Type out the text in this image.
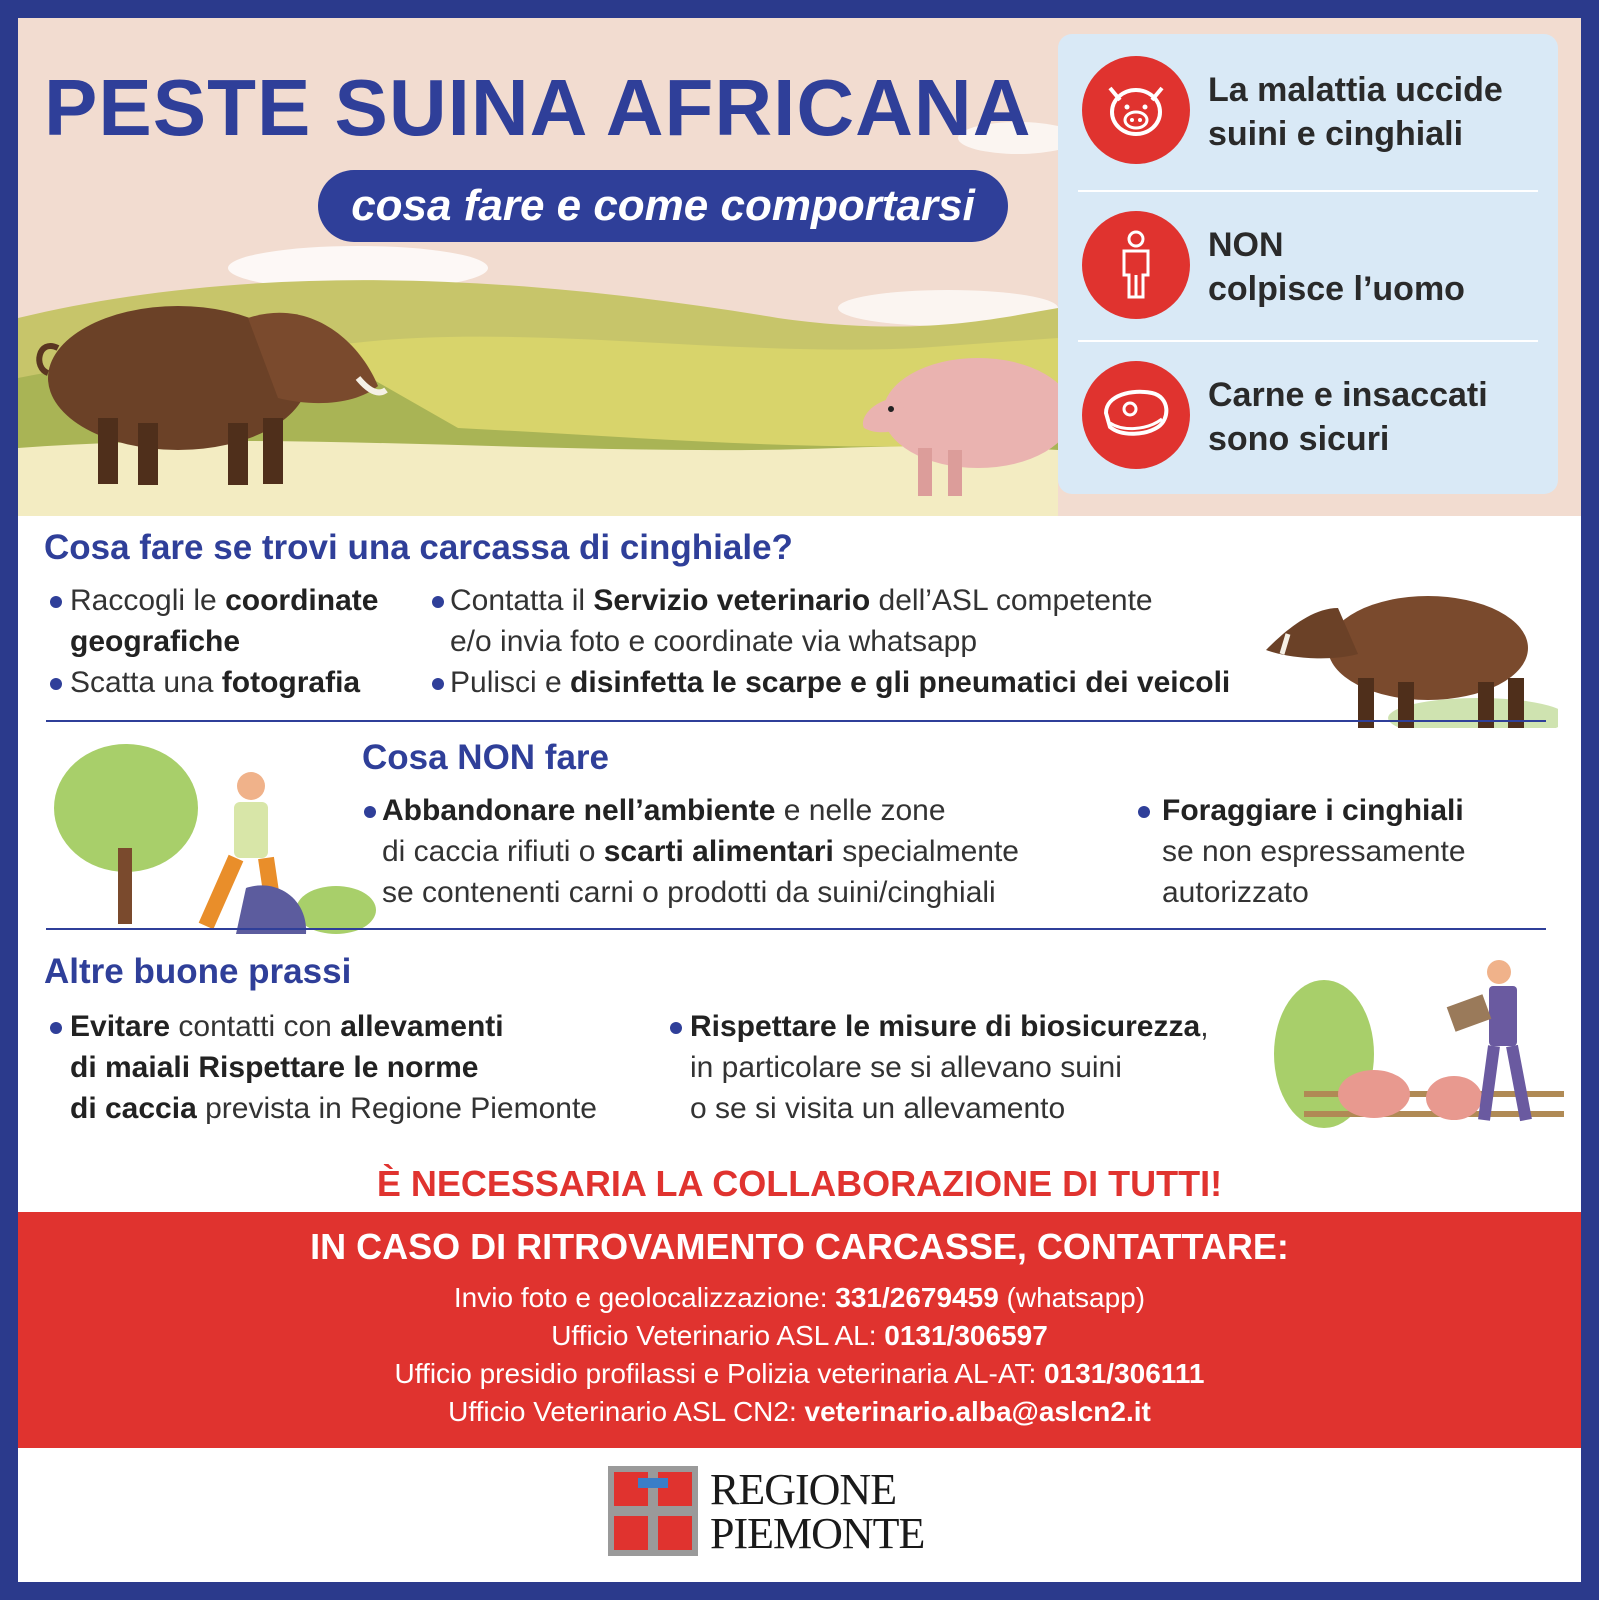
PESTE SUINA AFRICANA
cosa fare e come comportarsi
La malattia uccide
suini e cinghiali
NON
colpisce l’uomo
Carne e insaccati
sono sicuri
Cosa fare se trovi una carcassa di cinghiale?
Raccogli le coordinate
geografiche
Scatta una fotografia
Contatta il Servizio veterinario dell’ASL competente
e/o invia foto e coordinate via whatsapp
Pulisci e disinfetta le scarpe e gli pneumatici dei veicoli
Cosa NON fare
Abbandonare nell’ambiente e nelle zone
di caccia rifiuti o scarti alimentari specialmente
se contenenti carni o prodotti da suini/cinghiali
Foraggiare i cinghiali
se non espressamente
autorizzato
Altre buone prassi
Evitare contatti con allevamenti
di maiali Rispettare le norme
di caccia prevista in Regione Piemonte
Rispettare le misure di biosicurezza,
in particolare se si allevano suini
o se si visita un allevamento
È NECESSARIA LA COLLABORAZIONE DI TUTTI!
IN CASO DI RITROVAMENTO CARCASSE, CONTATTARE:
Invio foto e geolocalizzazione: 331/2679459 (whatsapp)
Ufficio Veterinario ASL AL: 0131/306597
Ufficio presidio profilassi e Polizia veterinaria AL-AT: 0131/306111
Ufficio Veterinario ASL CN2: veterinario.alba@aslcn2.it
REGIONE
PIEMONTE
